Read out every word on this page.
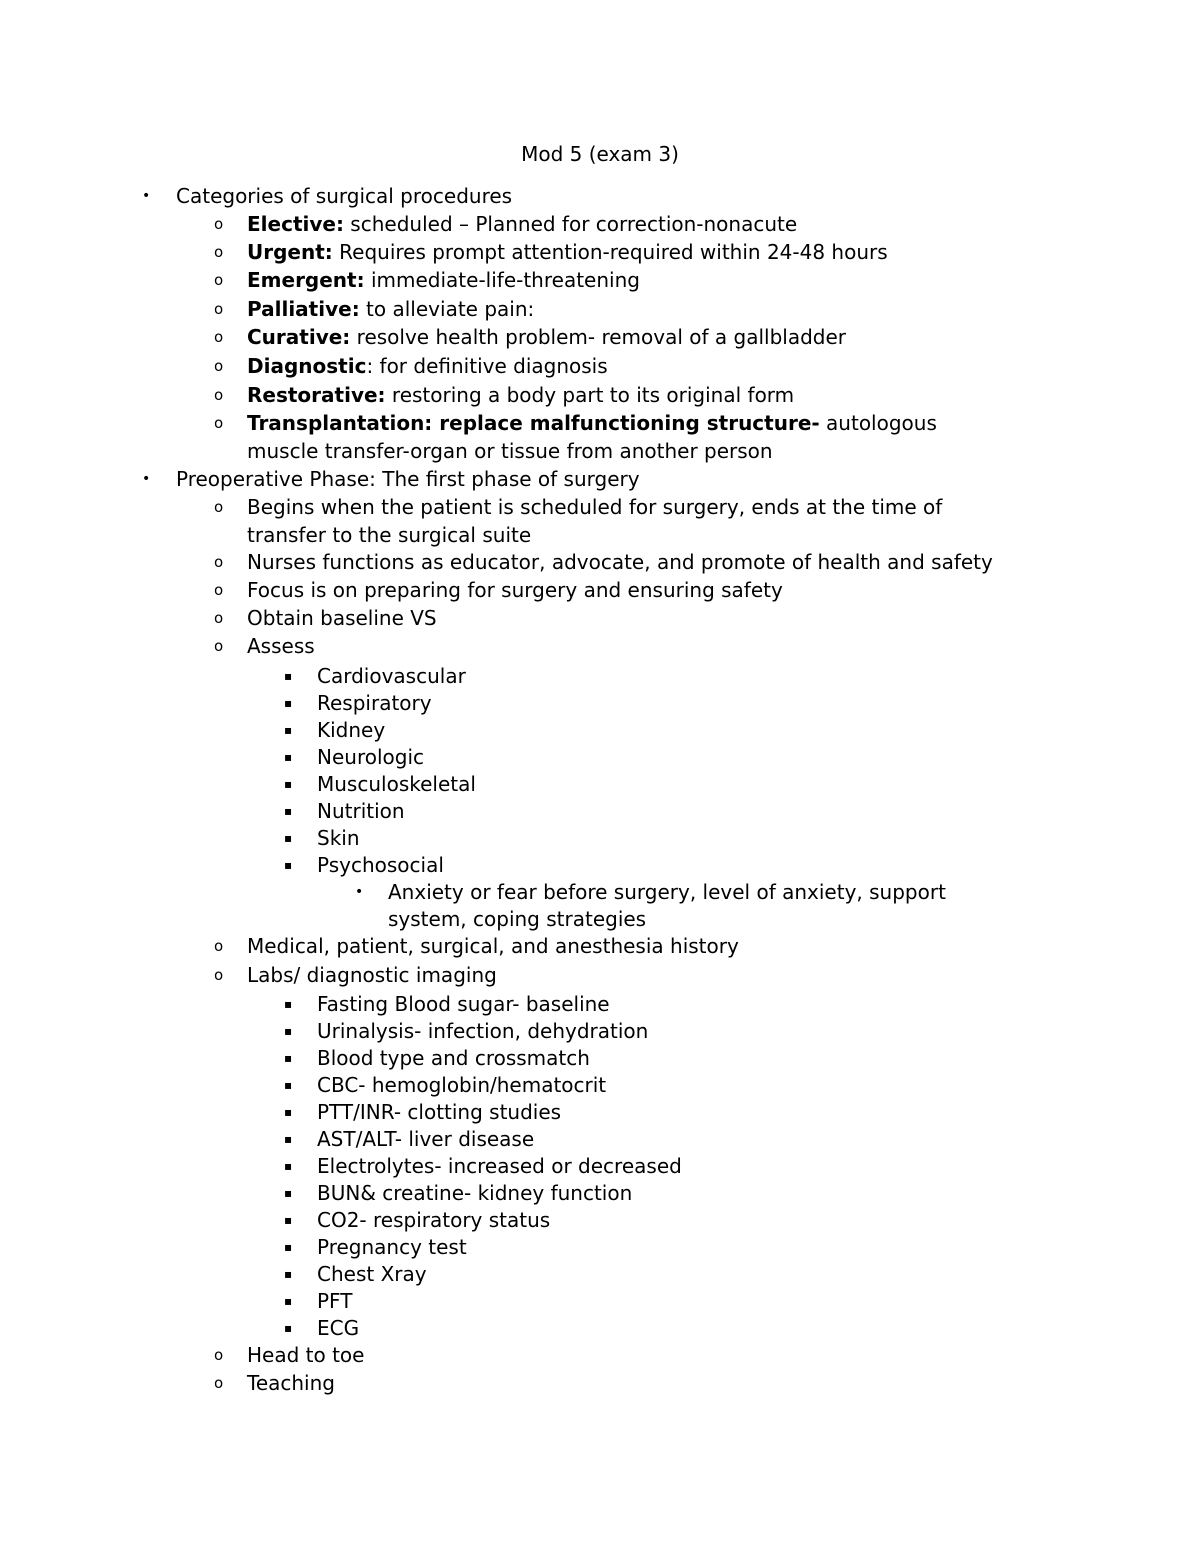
Mod 5 (exam 3)
• Categories of surgical procedures
o Elective: scheduled – Planned for correction-nonacute
o Urgent: Requires prompt attention-required within 24-48 hours
o Emergent: immediate-life-threatening
o Palliative: to alleviate pain:
o Curative: resolve health problem- removal of a gallbladder
o Diagnostic: for definitive diagnosis
o Restorative: restoring a body part to its original form
o Transplantation: replace malfunctioning structure- autologous
muscle transfer-organ or tissue from another person
• Preoperative Phase: The first phase of surgery
o Begins when the patient is scheduled for surgery, ends at the time of
transfer to the surgical suite
o Nurses functions as educator, advocate, and promote of health and safety
o Focus is on preparing for surgery and ensuring safety
o Obtain baseline VS
o Assess
▪ Cardiovascular
▪ Respiratory
▪ Kidney
▪ Neurologic
▪ Musculoskeletal
▪ Nutrition
▪ Skin
▪ Psychosocial
• Anxiety or fear before surgery, level of anxiety, support
system, coping strategies
o Medical, patient, surgical, and anesthesia history
o Labs/ diagnostic imaging
▪ Fasting Blood sugar- baseline
▪ Urinalysis- infection, dehydration
▪ Blood type and crossmatch
▪ CBC- hemoglobin/hematocrit
▪ PTT/INR- clotting studies
▪ AST/ALT- liver disease
▪ Electrolytes- increased or decreased
▪ BUN& creatine- kidney function
▪ CO2- respiratory status
▪ Pregnancy test
▪ Chest Xray
▪ PFT
▪ ECG
o Head to toe
o Teaching
